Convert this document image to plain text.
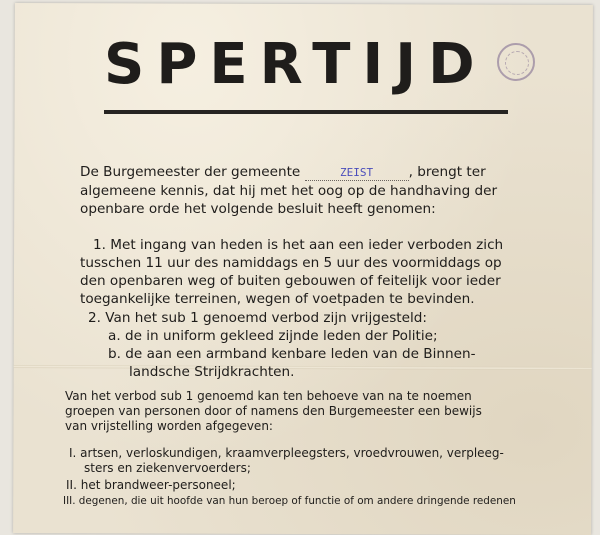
SPERTIJD
De Burgemeester der gemeente	ZEIST	, brengt ter
algemeene kennis, dat hij met het oog op de handhaving der
openbare orde het volgende besluit heeft genomen:
1. Met ingang van heden is het aan een ieder verboden zich
tusschen 11 uur des namiddags en 5 uur des voormiddags op
den openbaren weg of buiten gebouwen of feitelijk voor ieder
toegankelijke terreinen, wegen of voetpaden te bevinden.
2. Van het sub 1 genoemd verbod zijn vrijgesteld:
a. de in uniform gekleed zijnde leden der Politie;
b. de aan een armband kenbare leden van de Binnen-
landsche Strijdkrachten.
Van het verbod sub 1 genoemd kan ten behoeve van na te noemen
groepen van personen door of namens den Burgemeester een bewijs
van vrijstelling worden afgegeven:
I. artsen, verloskundigen, kraamverpleegsters, vroedvrouwen, verpleeg-
sters en ziekenvervoerders;
II. het brandweer-personeel;
III. degenen, die uit hoofde van hun beroep of functie of om andere dringende redenen
